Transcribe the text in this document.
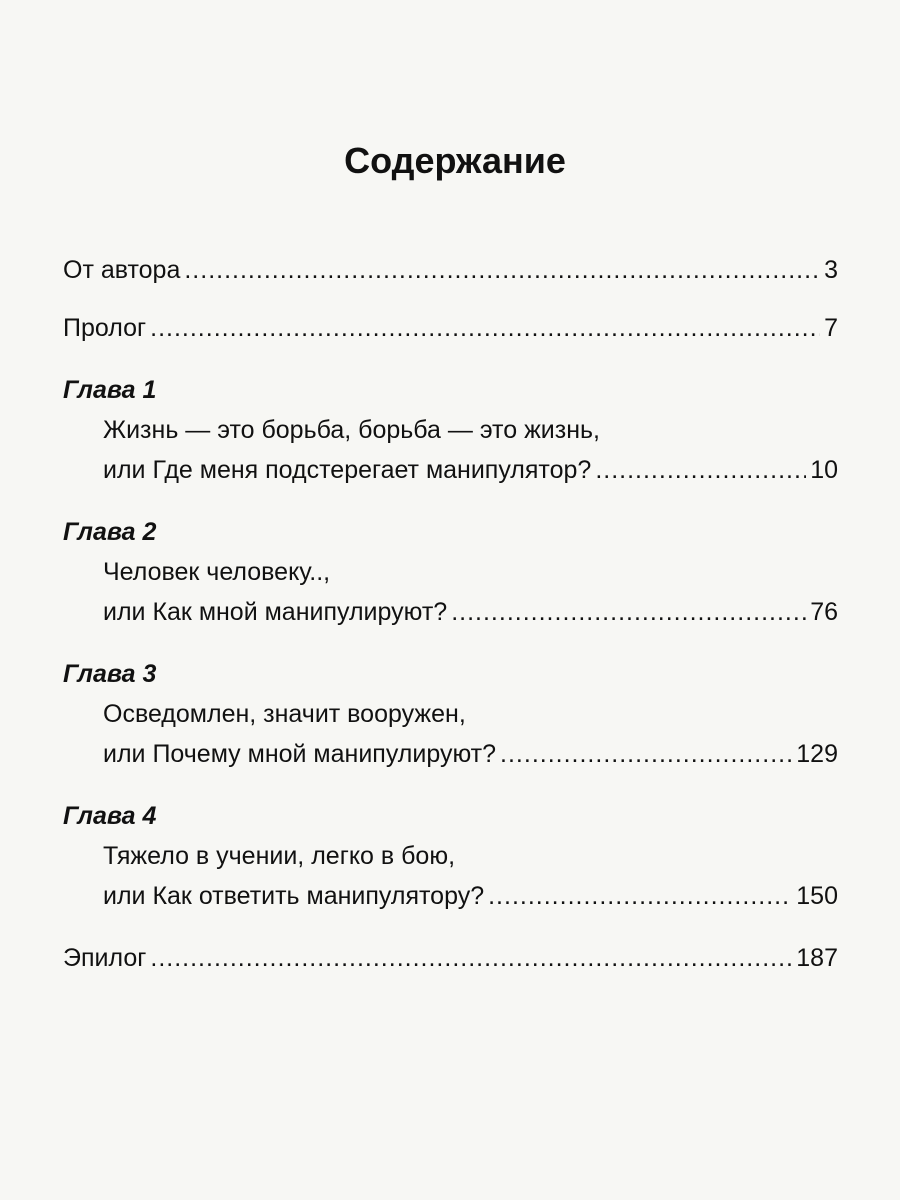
Содержание
От автора .....	3
Пролог .....	7
Глава 1
Жизнь — это борьба, борьба — это жизнь,
или Где меня подстерегает манипулятор? .....	10
Глава 2
Человек человеку..,
или Как мной манипулируют? .....	76
Глава 3
Осведомлен, значит вооружен,
или Почему мной манипулируют? .....	129
Глава 4
Тяжело в учении, легко в бою,
или Как ответить манипулятору? .....	150
Эпилог .....	187
